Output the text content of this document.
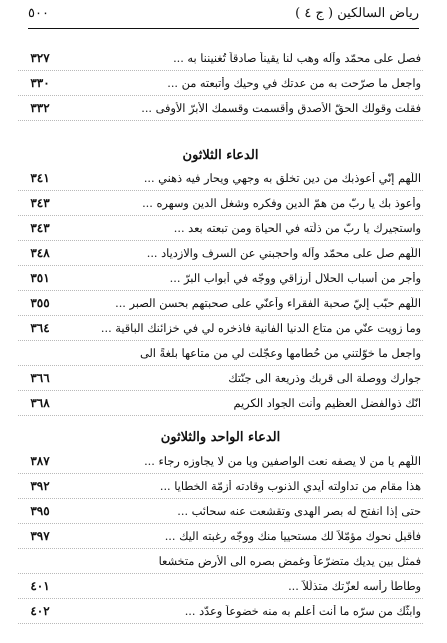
٥٠٠	رياض السالكين ( ج ٤ )
٣٢٧	فصل على محمّد وآله وهب لنا يقيناً صادقاً تُغنيننا به ...
٣٣٠	واجعل ما صرّحت به من عدتك في وحيك وأتبعته من ...
٣٣٢	فقلت وقولك الحقّ الأصدق وأقسمت وقسمك الأبرّ الأوفى ...
الدعاء الثلاثون
٣٤١	اللّهم إنّي أعوذبك من دين تخلق به وجهي ويحار فيه ذهني ...
٣٤٣	وأعوذ بك يا ربّ من همّ الدين وفكره وشغل الدين وسهره ...
٣٤٣	واستجيرك يا ربّ من ذلّته في الحياة ومن تبعته بعد ...
٣٤٨	اللّهم صل على محمّد وآله واحجبني عن السرف والازدياد ...
٣٥١	وأجرِ من أسباب الحلال أرزاقي ووجّه في أبواب البرّ ...
٣٥٥	اللّهم حبّب إليّ صحبة الفقراء وأعنّي على صحبتهم بحسن الصبر ...
٣٦٤	وما زويت عنّي من متاع الدنيا الفانية فاذخره لي في خزائنك الباقية ...
واجعل ما خوّلتني من حُطامها وعجّلت لي من متاعها بلغةً الى
٣٦٦	جوارك ووصلة الى قربك وذريعة الى جنّتك
٣٦٨	انّك ذوالفضل العظيم وأنت الجواد الكريم
الدعاء الواحد والثلاثون
٣٨٧	اللّهم يا من لا يصفه نعت الواصفين ويا من لا يجاوزه رجاء ...
٣٩٢	هذا مقام من تداولته أيدي الذنوب وقادته أزمّة الخطايا ...
٣٩٥	حتى إذا انفتح له بصر الهدى وتقشعت عنه سحائب ...
٣٩٧	فأقبل نحوك مؤمّلاً لك مستحييا منك ووجّه رغبته اليك ...
فمثل بين يديك متضرّعاً وغمض بصره الى الأرض متخشعا
٤٠١	وطأطأ رأسه لعزّتك متذلّلاً ...
٤٠٢	وابثّك من سرّه ما أنت أعلم به منه خضوعاً وعدّد ...
